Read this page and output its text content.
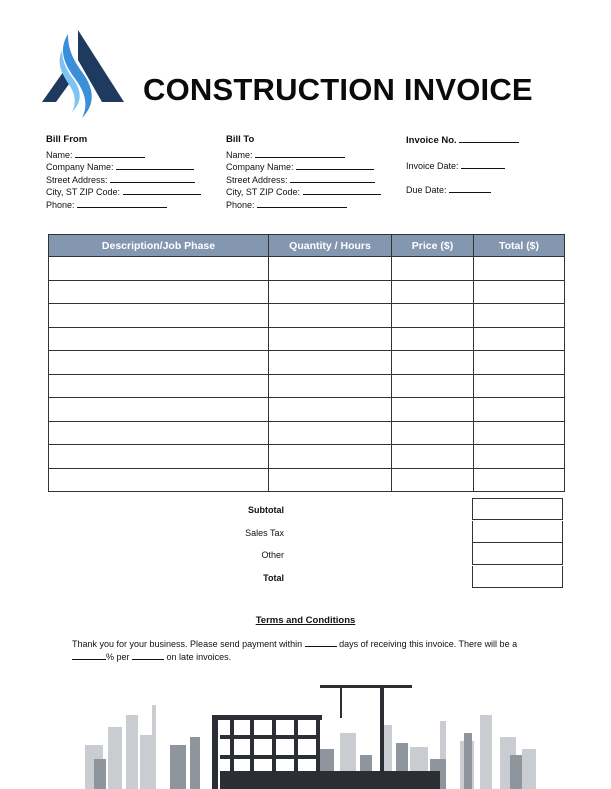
CONSTRUCTION INVOICE
Bill From
Name:
Company Name:
Street Address:
City, ST ZIP Code:
Phone:
Bill To
Name:
Company Name:
Street Address:
City, ST ZIP Code:
Phone:
Invoice No.
Invoice Date:
Due Date:
Description/Job Phase	Quantity / Hours	Price ($)	Total ($)

Subtotal
Sales Tax
Other
Total
Terms and Conditions
Thank you for your business. Please send payment within	days of receiving this invoice. There will be a % per	on late invoices.
